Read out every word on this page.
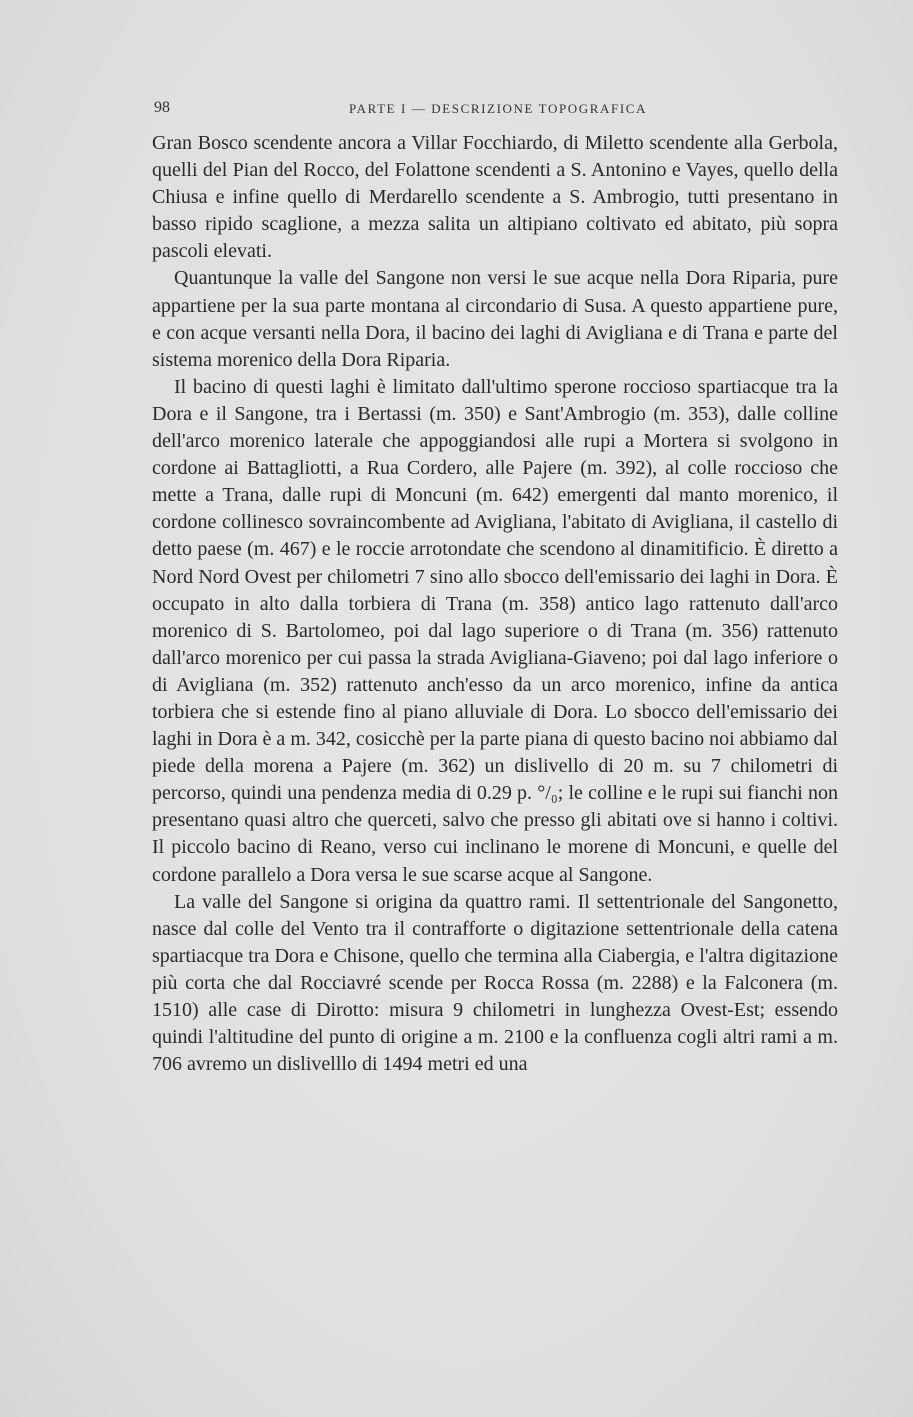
98	PARTE I — DESCRIZIONE TOPOGRAFICA

Gran Bosco scendente ancora a Villar Focchiardo, di Miletto scendente alla Gerbola, quelli del Pian del Rocco, del Folattone scendenti a S. Antonino e Vayes, quello della Chiusa e infine quello di Merdarello scendente a S. Ambrogio, tutti presentano in basso ripido scaglione, a mezza salita un altipiano coltivato ed abitato, più sopra pascoli elevati.

Quantunque la valle del Sangone non versi le sue acque nella Dora Riparia, pure appartiene per la sua parte montana al circondario di Susa. A questo appartiene pure, e con acque versanti nella Dora, il bacino dei laghi di Avigliana e di Trana e parte del sistema morenico della Dora Riparia.

Il bacino di questi laghi è limitato dall'ultimo sperone roccioso spartiacque tra la Dora e il Sangone, tra i Bertassi (m. 350) e Sant'Ambrogio (m. 353), dalle colline dell'arco morenico laterale che appoggiandosi alle rupi a Mortera si svolgono in cordone ai Battagliotti, a Rua Cordero, alle Pajere (m. 392), al colle roccioso che mette a Trana, dalle rupi di Moncuni (m. 642) emergenti dal manto morenico, il cordone collinesco sovraincombente ad Avigliana, l'abitato di Avigliana, il castello di detto paese (m. 467) e le roccie arrotondate che scendono al dinamitificio. È diretto a Nord Nord Ovest per chilometri 7 sino allo sbocco dell'emissario dei laghi in Dora. È occupato in alto dalla torbiera di Trana (m. 358) antico lago rattenuto dall'arco morenico di S. Bartolomeo, poi dal lago superiore o di Trana (m. 356) rattenuto dall'arco morenico per cui passa la strada Avigliana-Giaveno; poi dal lago inferiore o di Avigliana (m. 352) rattenuto anch'esso da un arco morenico, infine da antica torbiera che si estende fino al piano alluviale di Dora. Lo sbocco dell'emissario dei laghi in Dora è a m. 342, cosicchè per la parte piana di questo bacino noi abbiamo dal piede della morena a Pajere (m. 362) un dislivello di 20 m. su 7 chilometri di percorso, quindi una pendenza media di 0.29 p. °/₀; le colline e le rupi sui fianchi non presentano quasi altro che querceti, salvo che presso gli abitati ove si hanno i coltivi. Il piccolo bacino di Reano, verso cui inclinano le morene di Moncuni, e quelle del cordone parallelo a Dora versa le sue scarse acque al Sangone.

La valle del Sangone si origina da quattro rami. Il settentrionale del Sangonetto, nasce dal colle del Vento tra il contrafforte o digitazione settentrionale della catena spartiacque tra Dora e Chisone, quello che termina alla Ciabergia, e l'altra digitazione più corta che dal Rocciavré scende per Rocca Rossa (m. 2288) e la Falconera (m. 1510) alle case di Dirotto: misura 9 chilometri in lunghezza Ovest-Est; essendo quindi l'altitudine del punto di origine a m. 2100 e la confluenza cogli altri rami a m. 706 avremo un dislivelllo di 1494 metri ed una
